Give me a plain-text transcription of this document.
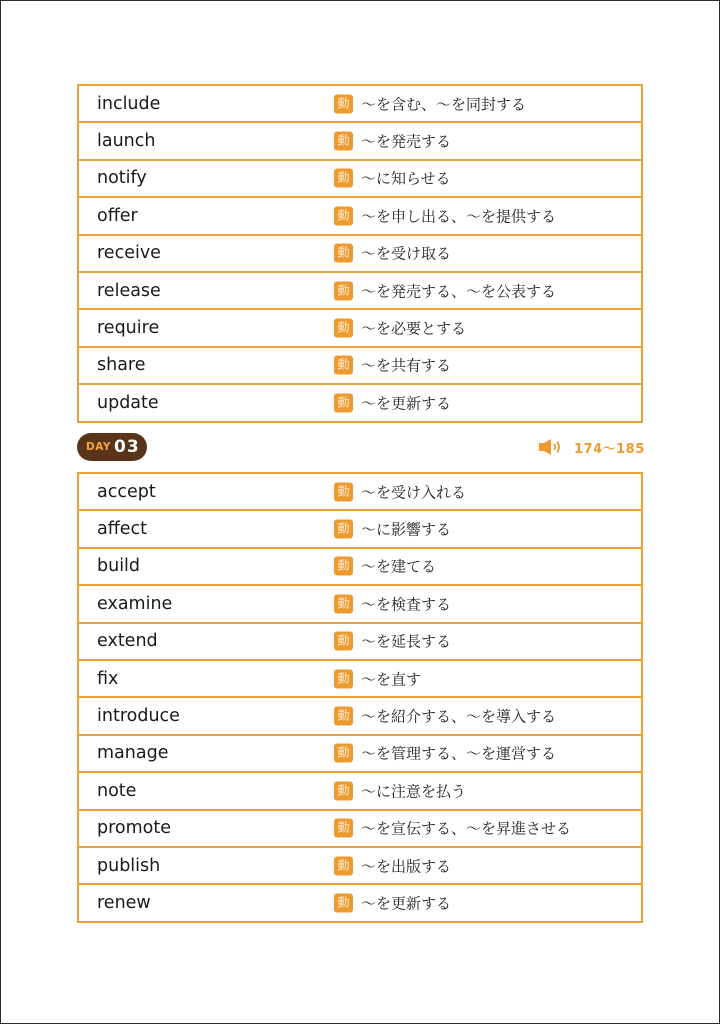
include	動 〜を含む、〜を同封する

launch	動 〜を発売する

notify	動 〜に知らせる

offer	動 〜を申し出る、〜を提供する

receive	動 〜を受け取る

release	動 〜を発売する、〜を公表する

require	動 〜を必要とする

share	動 〜を共有する

update	動 〜を更新する
DAY 03	174〜185
accept	動 〜を受け入れる

affect	動 〜に影響する

build	動 〜を建てる

examine	動 〜を検査する

extend	動 〜を延長する

fix	動 〜を直す

introduce	動 〜を紹介する、〜を導入する

manage	動 〜を管理する、〜を運営する

note	動 〜に注意を払う

promote	動 〜を宣伝する、〜を昇進させる

publish	動 〜を出版する

renew	動 〜を更新する
